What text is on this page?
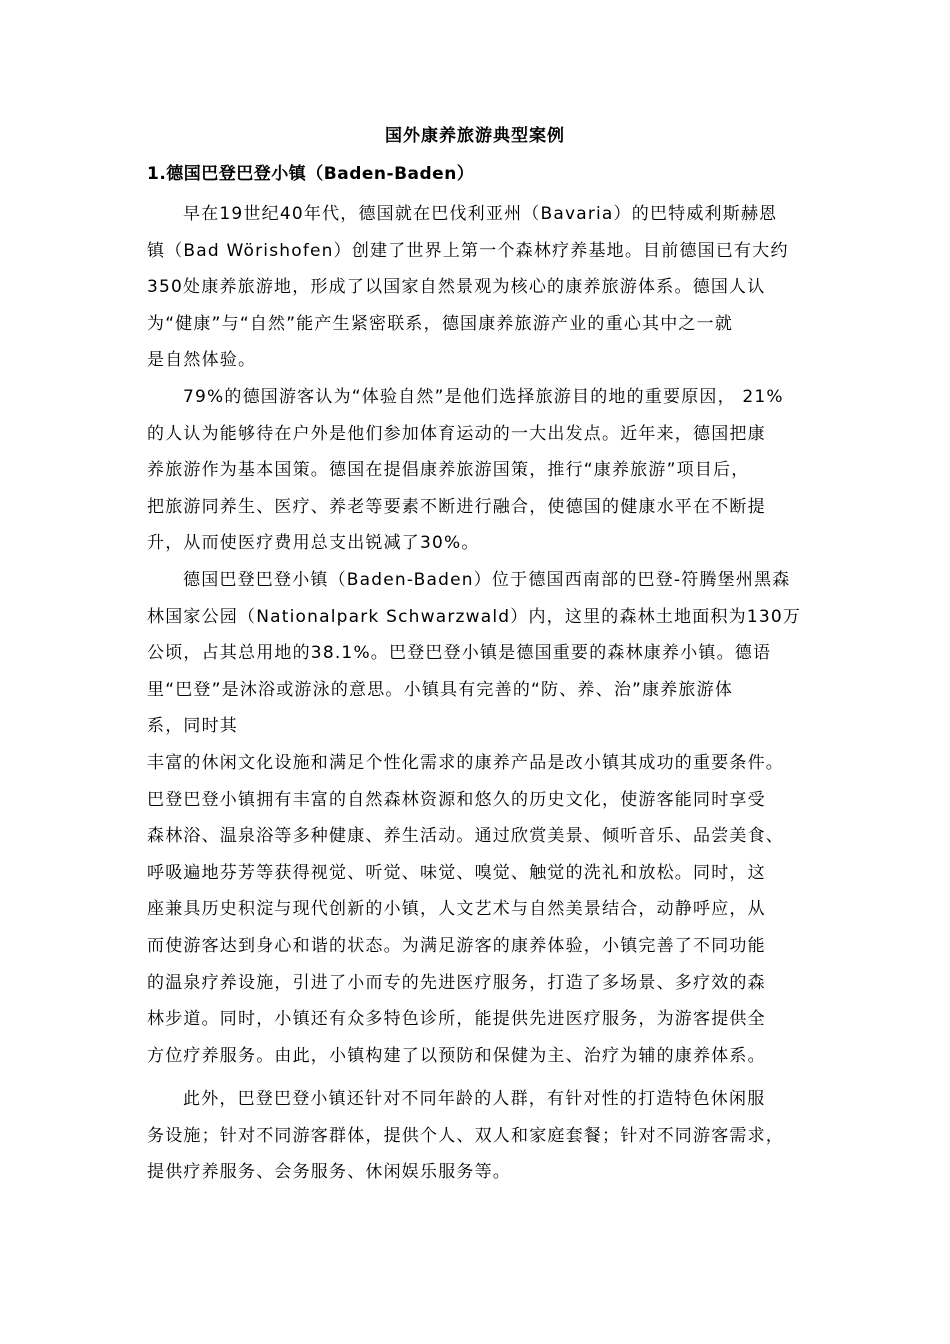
国外康养旅游典型案例
1.德国巴登巴登小镇（Baden-Baden）
早在19世纪40年代，德国就在巴伐利亚州（Bavaria）的巴特威利斯赫恩
镇（Bad Wörishofen）创建了世界上第一个森林疗养基地。目前德国已有大约
350处康养旅游地，形成了以国家自然景观为核心的康养旅游体系。德国人认
为“健康”与“自然”能产生紧密联系，德国康养旅游产业的重心其中之一就
是自然体验。
79%的德国游客认为“体验自然”是他们选择旅游目的地的重要原因， 21%
的人认为能够待在户外是他们参加体育运动的一大出发点。近年来，德国把康
养旅游作为基本国策。德国在提倡康养旅游国策，推行“康养旅游”项目后，
把旅游同养生、医疗、养老等要素不断进行融合，使德国的健康水平在不断提
升，从而使医疗费用总支出锐减了30%。
德国巴登巴登小镇（Baden-Baden）位于德国西南部的巴登-符腾堡州黑森
林国家公园（Nationalpark Schwarzwald）内，这里的森林土地面积为130万
公顷，占其总用地的38.1%。巴登巴登小镇是德国重要的森林康养小镇。德语
里“巴登”是沐浴或游泳的意思。小镇具有完善的“防、养、治”康养旅游体
系，同时其
丰富的休闲文化设施和满足个性化需求的康养产品是改小镇其成功的重要条件。
巴登巴登小镇拥有丰富的自然森林资源和悠久的历史文化，使游客能同时享受
森林浴、温泉浴等多种健康、养生活动。通过欣赏美景、倾听音乐、品尝美食、
呼吸遍地芬芳等获得视觉、听觉、味觉、嗅觉、触觉的洗礼和放松。同时，这
座兼具历史积淀与现代创新的小镇，人文艺术与自然美景结合，动静呼应，从
而使游客达到身心和谐的状态。为满足游客的康养体验，小镇完善了不同功能
的温泉疗养设施，引进了小而专的先进医疗服务，打造了多场景、多疗效的森
林步道。同时，小镇还有众多特色诊所，能提供先进医疗服务，为游客提供全
方位疗养服务。由此，小镇构建了以预防和保健为主、治疗为辅的康养体系。
此外，巴登巴登小镇还针对不同年龄的人群，有针对性的打造特色休闲服
务设施；针对不同游客群体，提供个人、双人和家庭套餐；针对不同游客需求，
提供疗养服务、会务服务、休闲娱乐服务等。
